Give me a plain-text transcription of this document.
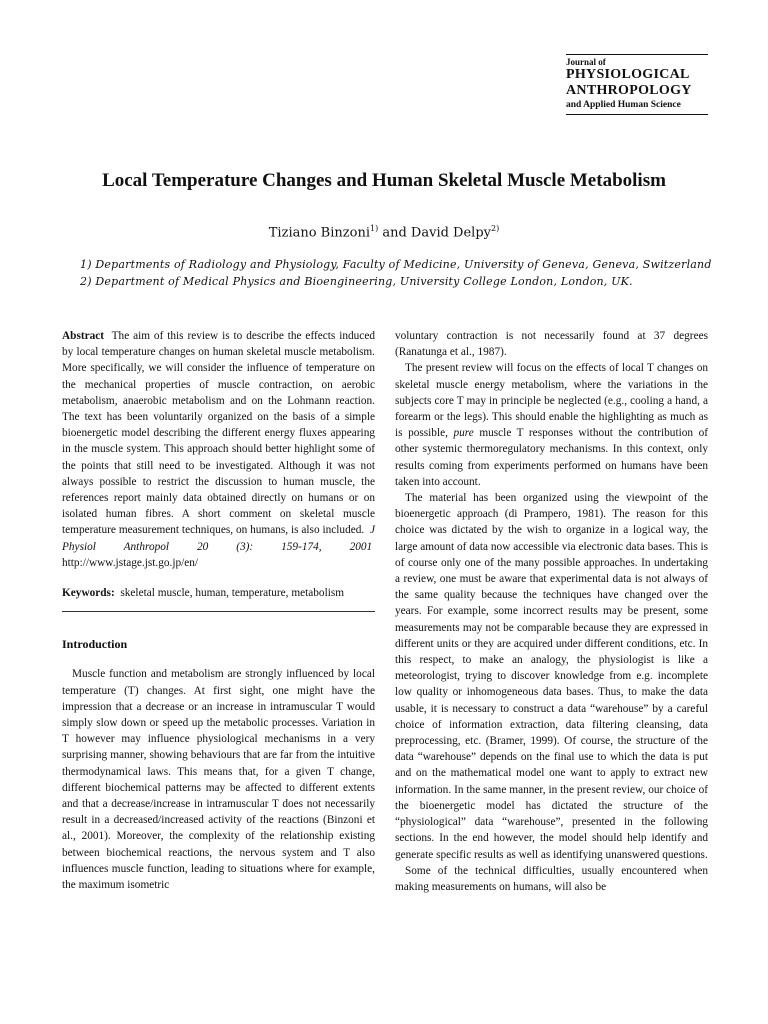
Journal of
PHYSIOLOGICAL
ANTHROPOLOGY
and Applied Human Science
Local Temperature Changes and Human Skeletal Muscle Metabolism
Tiziano Binzoni$^{1)}$ and David Delpy$^{2)}$
1) Departments of Radiology and Physiology, Faculty of Medicine, University of Geneva, Geneva, Switzerland
2) Department of Medical Physics and Bioengineering, University College London, London, UK.

Abstract The aim of this review is to describe the effects induced by local temperature changes on human skeletal muscle metabolism. More specifically, we will consider the influence of temperature on the mechanical properties of muscle contraction, on aerobic metabolism, anaerobic metabolism and on the Lohmann reaction. The text has been voluntarily organized on the basis of a simple bioenergetic model describing the different energy fluxes appearing in the muscle system. This approach should better highlight some of the points that still need to be investigated. Although it was not always possible to restrict the discussion to human muscle, the references report mainly data obtained directly on humans or on isolated human fibres. A short comment on skeletal muscle temperature measurement techniques, on humans, is also included. J Physiol Anthropol 20 (3): 159-174, 2001  http://www.jstage.jst.go.jp/en/

Keywords: skeletal muscle, human, temperature, metabolism

Introduction

Muscle function and metabolism are strongly influenced by local temperature (T) changes. At first sight, one might have the impression that a decrease or an increase in intramuscular T would simply slow down or speed up the metabolic processes. Variation in T however may influence physiological mechanisms in a very surprising manner, showing behaviours that are far from the intuitive thermodynamical laws. This means that, for a given T change, different biochemical patterns may be affected to different extents and that a decrease/increase in intramuscular T does not necessarily result in a decreased/increased activity of the reactions (Binzoni et al., 2001). Moreover, the complexity of the relationship existing between biochemical reactions, the nervous system and T also influences muscle function, leading to situations where for example, the maximum isometric

voluntary contraction is not necessarily found at 37 degrees (Ranatunga et al., 1987).

The present review will focus on the effects of local T changes on skeletal muscle energy metabolism, where the variations in the subjects core T may in principle be neglected (e.g., cooling a hand, a forearm or the legs). This should enable the highlighting as much as is possible, pure muscle T responses without the contribution of other systemic thermoregulatory mechanisms. In this context, only results coming from experiments performed on humans have been taken into account.

The material has been organized using the viewpoint of the bioenergetic approach (di Prampero, 1981). The reason for this choice was dictated by the wish to organize in a logical way, the large amount of data now accessible via electronic data bases. This is of course only one of the many possible approaches. In undertaking a review, one must be aware that experimental data is not always of the same quality because the techniques have changed over the years. For example, some incorrect results may be present, some measurements may not be comparable because they are expressed in different units or they are acquired under different conditions, etc. In this respect, to make an analogy, the physiologist is like a meteorologist, trying to discover knowledge from e.g. incomplete low quality or inhomogeneous data bases. Thus, to make the data usable, it is necessary to construct a data “warehouse” by a careful choice of information extraction, data filtering cleansing, data preprocessing, etc. (Bramer, 1999). Of course, the structure of the data “warehouse” depends on the final use to which the data is put and on the mathematical model one want to apply to extract new information. In the same manner, in the present review, our choice of the bioenergetic model has dictated the structure of the “physiological” data “warehouse”, presented in the following sections. In the end however, the model should help identify and generate specific results as well as identifying unanswered questions.

Some of the technical difficulties, usually encountered when making measurements on humans, will also be
